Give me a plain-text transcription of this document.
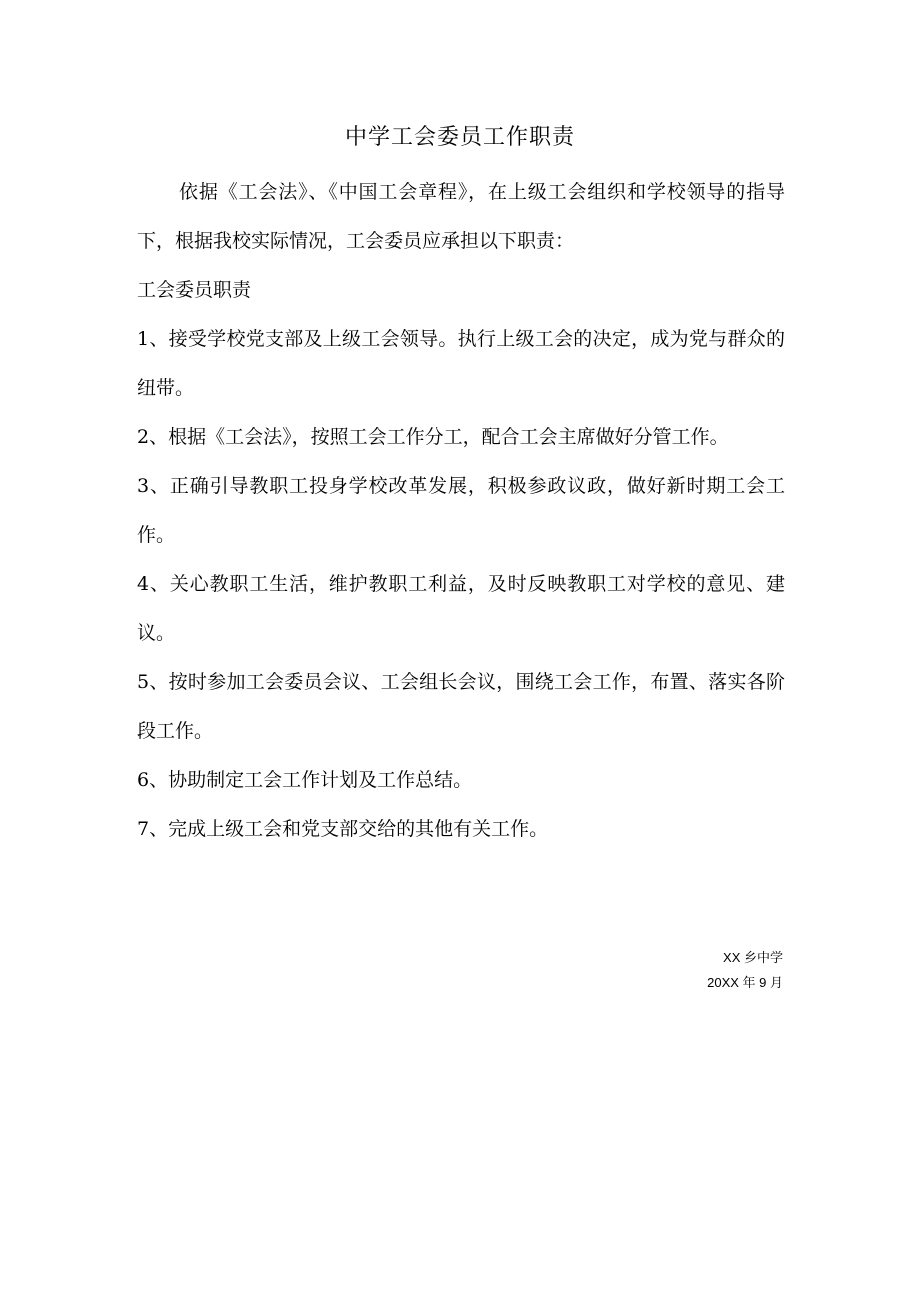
中学工会委员工作职责

依据《工会法》、《中国工会章程》，在上级工会组织和学校领导的指导下，根据我校实际情况，工会委员应承担以下职责：

工会委员职责

1、接受学校党支部及上级工会领导。执行上级工会的决定，成为党与群众的纽带。

2、根据《工会法》，按照工会工作分工，配合工会主席做好分管工作。

3、正确引导教职工投身学校改革发展，积极参政议政，做好新时期工会工作。

4、关心教职工生活，维护教职工利益，及时反映教职工对学校的意见、建议。

5、按时参加工会委员会议、工会组长会议，围绕工会工作，布置、落实各阶段工作。

6、协助制定工会工作计划及工作总结。

7、完成上级工会和党支部交给的其他有关工作。

XX 乡中学
20XX 年 9 月
